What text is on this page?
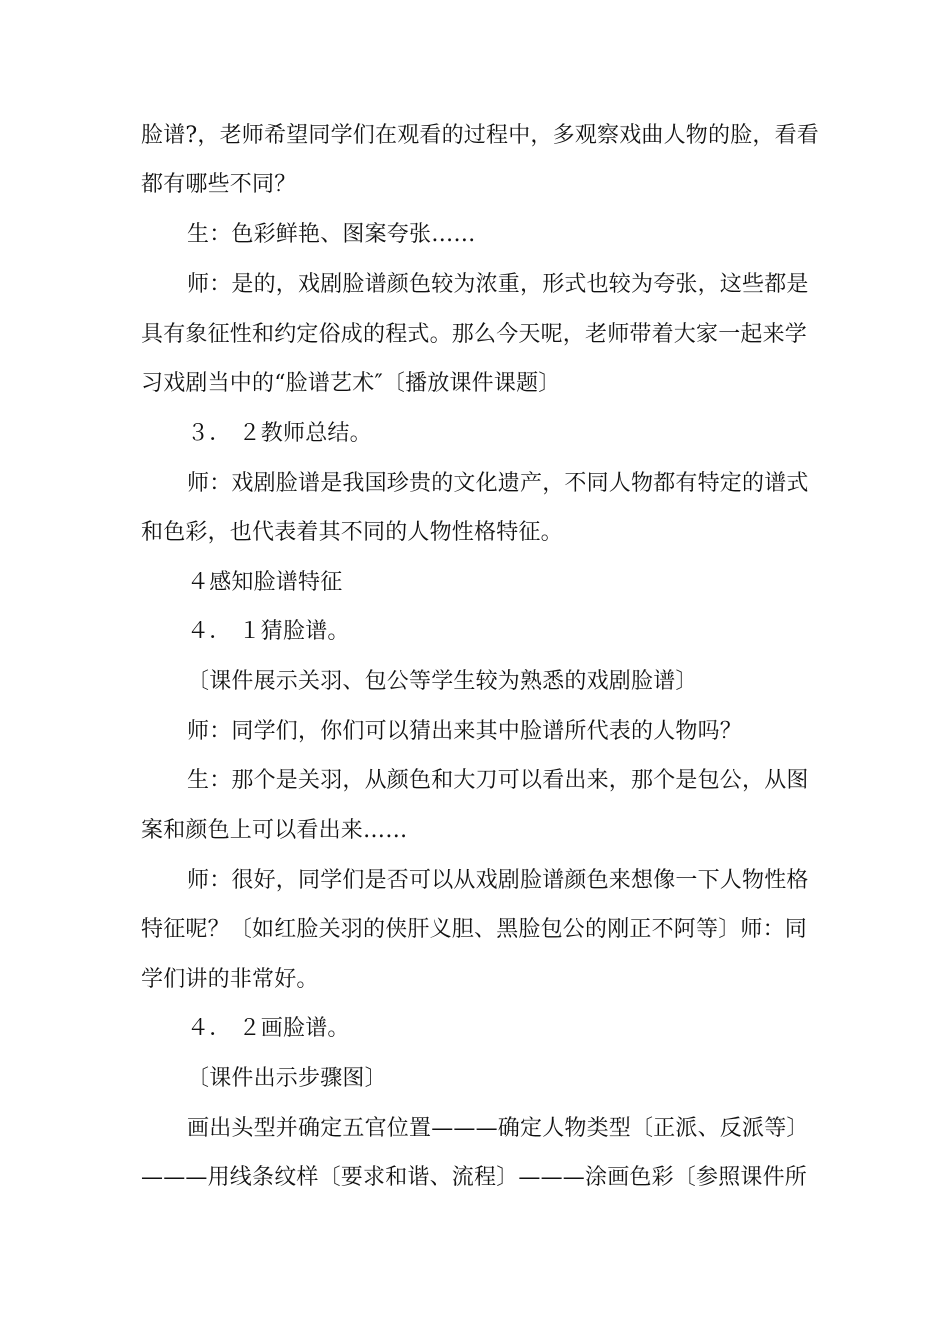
脸谱?，老师希望同学们在观看的过程中，多观察戏曲人物的脸，看看

都有哪些不同？

生：色彩鲜艳、图案夸张……

师：是的，戏剧脸谱颜色较为浓重，形式也较为夸张，这些都是

具有象征性和约定俗成的程式。那么今天呢，老师带着大家一起来学

习戏剧当中的“脸谱艺术″〔播放课件课题〕

３． ２教师总结。

师：戏剧脸谱是我国珍贵的文化遗产，不同人物都有特定的谱式

和色彩，也代表着其不同的人物性格特征。

４感知脸谱特征

４． １猜脸谱。

〔课件展示关羽、包公等学生较为熟悉的戏剧脸谱〕

师：同学们，你们可以猜出来其中脸谱所代表的人物吗？

生：那个是关羽，从颜色和大刀可以看出来，那个是包公，从图

案和颜色上可以看出来……

师：很好，同学们是否可以从戏剧脸谱颜色来想像一下人物性格

特征呢？〔如红脸关羽的侠肝义胆、黑脸包公的刚正不阿等〕师：同

学们讲的非常好。

４． ２画脸谱。

〔课件出示步骤图〕

画出头型并确定五官位置———确定人物类型〔正派、反派等〕

———用线条纹样〔要求和谐、流程〕———涂画色彩〔参照课件所
